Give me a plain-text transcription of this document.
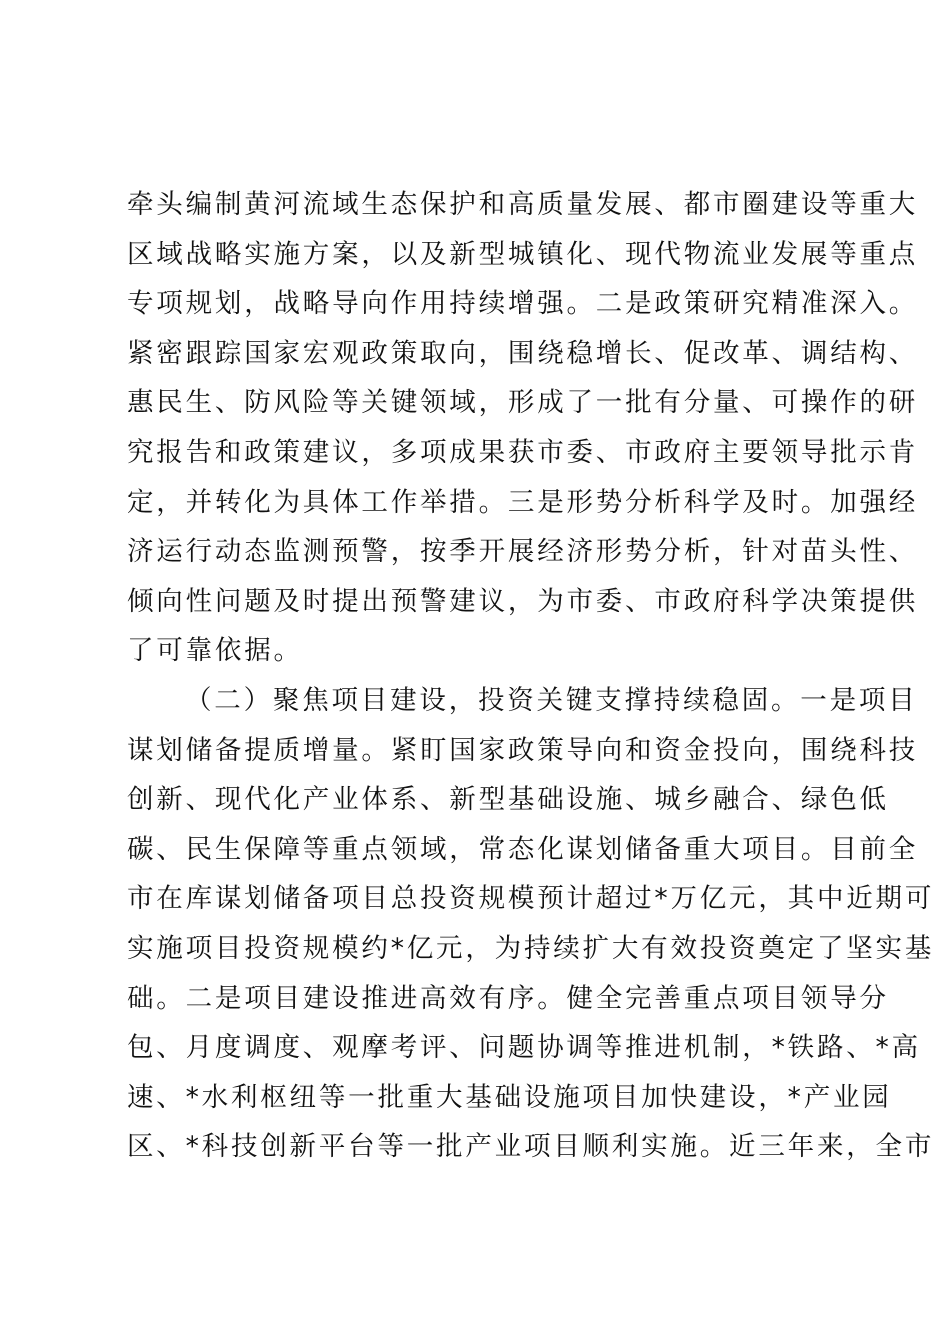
牵头编制黄河流域生态保护和高质量发展、都市圈建设等重大
区域战略实施方案，以及新型城镇化、现代物流业发展等重点
专项规划，战略导向作用持续增强。二是政策研究精准深入。
紧密跟踪国家宏观政策取向，围绕稳增长、促改革、调结构、
惠民生、防风险等关键领域，形成了一批有分量、可操作的研
究报告和政策建议，多项成果获市委、市政府主要领导批示肯
定，并转化为具体工作举措。三是形势分析科学及时。加强经
济运行动态监测预警，按季开展经济形势分析，针对苗头性、
倾向性问题及时提出预警建议，为市委、市政府科学决策提供
了可靠依据。
（二）聚焦项目建设，投资关键支撑持续稳固。一是项目
谋划储备提质增量。紧盯国家政策导向和资金投向，围绕科技
创新、现代化产业体系、新型基础设施、城乡融合、绿色低
碳、民生保障等重点领域，常态化谋划储备重大项目。目前全
市在库谋划储备项目总投资规模预计超过*万亿元，其中近期可
实施项目投资规模约*亿元，为持续扩大有效投资奠定了坚实基
础。二是项目建设推进高效有序。健全完善重点项目领导分
包、月度调度、观摩考评、问题协调等推进机制，*铁路、*高
速、*水利枢纽等一批重大基础设施项目加快建设，*产业园
区、*科技创新平台等一批产业项目顺利实施。近三年来，全市
